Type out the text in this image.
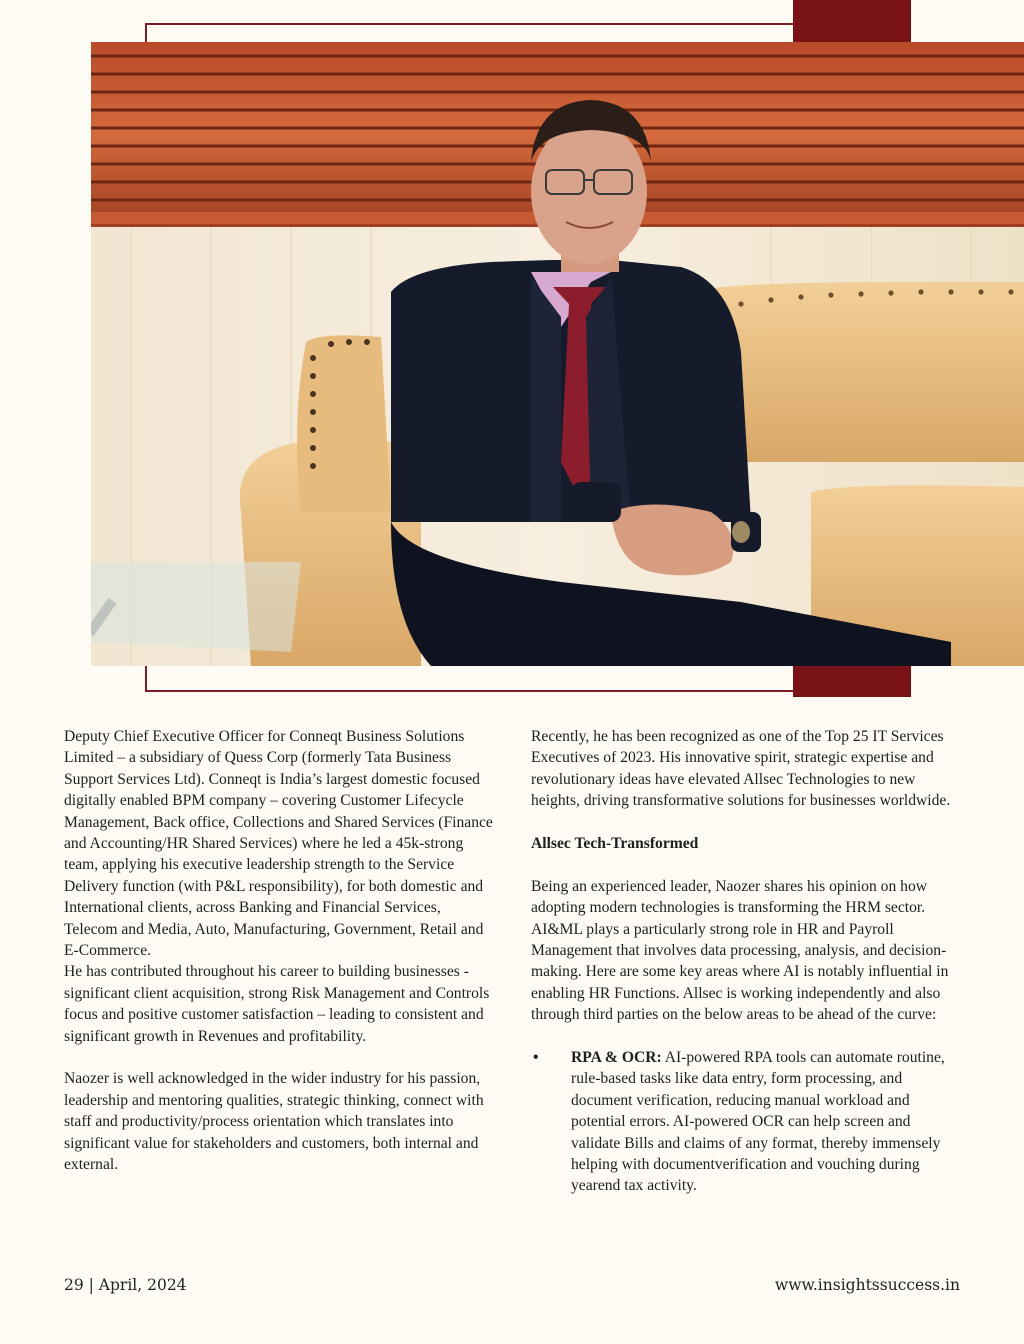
Deputy Chief Executive Officer for Conneqt Business Solutions Limited – a subsidiary of Quess Corp (formerly Tata Business Support Services Ltd). Conneqt is India’s largest domestic focused digitally enabled BPM company – covering Customer Lifecycle Management, Back office, Collections and Shared Services (Finance and Accounting/HR Shared Services) where he led a 45k-strong team, applying his executive leadership strength to the Service Delivery function (with P&L responsibility), for both domestic and International clients, across Banking and Financial Services, Telecom and Media, Auto, Manufacturing, Government, Retail and E-Commerce.

He has contributed throughout his career to building businesses - significant client acquisition, strong Risk Management and Controls focus and positive customer satisfaction – leading to consistent and significant growth in Revenues and profitability.

Naozer is well acknowledged in the wider industry for his passion, leadership and mentoring qualities, strategic thinking, connect with staff and productivity/process orientation which translates into significant value for stakeholders and customers, both internal and external.

Recently, he has been recognized as one of the Top 25 IT Services Executives of 2023. His innovative spirit, strategic expertise and revolutionary ideas have elevated Allsec Technologies to new heights, driving transformative solutions for businesses worldwide.

Allsec Tech-Transformed

Being an experienced leader, Naozer shares his opinion on how adopting modern technologies is transforming the HRM sector. AI&ML plays a particularly strong role in HR and Payroll Management that involves data processing, analysis, and decision-making. Here are some key areas where AI is notably influential in enabling HR Functions. Allsec is working independently and also through third parties on the below areas to be ahead of the curve:

•	RPA & OCR: AI-powered RPA tools can automate routine, rule-based tasks like data entry, form processing, and document verification, reducing manual workload and potential errors. AI-powered OCR can help screen and validate Bills and claims of any format, thereby immensely helping with documentverification and vouching during yearend tax activity.
29 | April, 2024	www.insightssuccess.in
